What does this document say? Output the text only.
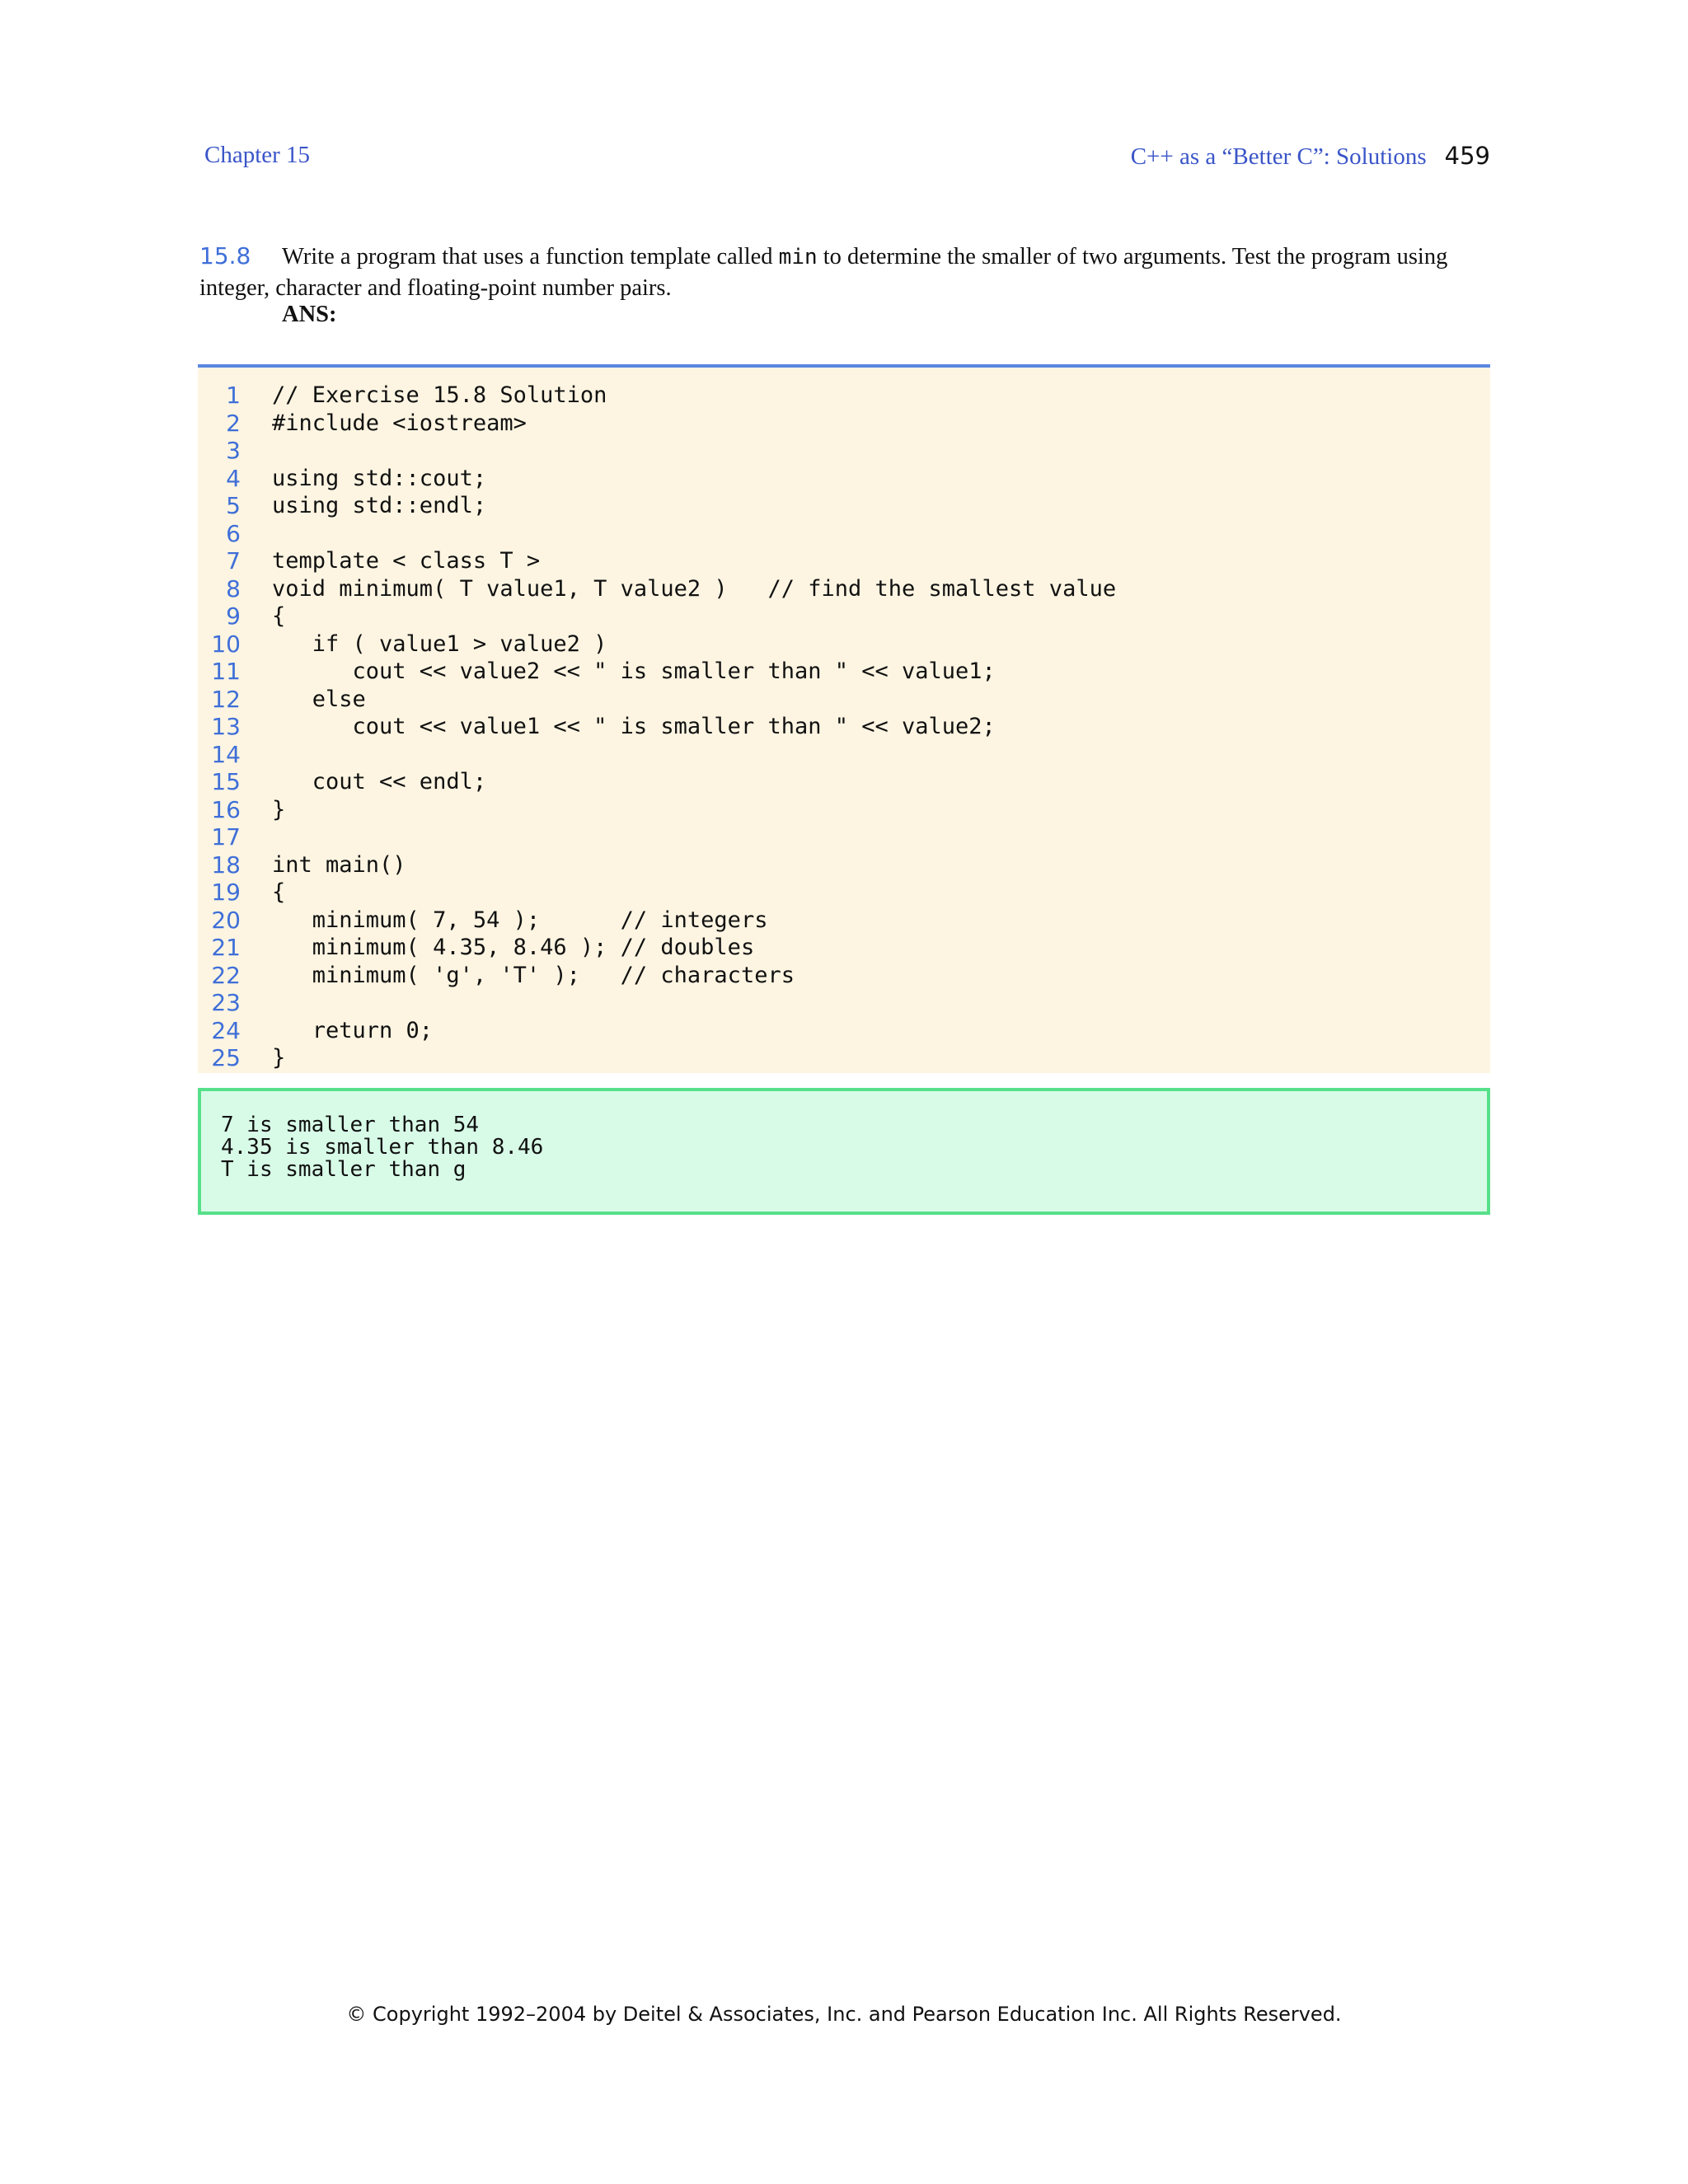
Chapter 15	C++ as a “Better C”: Solutions 459
15.8 Write a program that uses a function template called min to determine the smaller of two arguments. Test the program using integer, character and floating-point number pairs.
ANS:
1 // Exercise 15.8 Solution
2 #include <iostream>
3
4 using std::cout;
5 using std::endl;
6
7 template < class T >
8 void minimum( T value1, T value2 )   // find the smallest value
9 {
10 if ( value1 > value2 )
11 cout << value2 << " is smaller than " << value1;
12 else
13 cout << value1 << " is smaller than " << value2;
14
15 cout << endl;
16 }
17
18 int main()
19 {
20 minimum( 7, 54 );      // integers
21 minimum( 4.35, 8.46 ); // doubles
22 minimum( 'g', 'T' );   // characters
23
24 return 0;
25 }
7 is smaller than 54
4.35 is smaller than 8.46
T is smaller than g
© Copyright 1992–2004 by Deitel & Associates, Inc. and Pearson Education Inc. All Rights Reserved.
